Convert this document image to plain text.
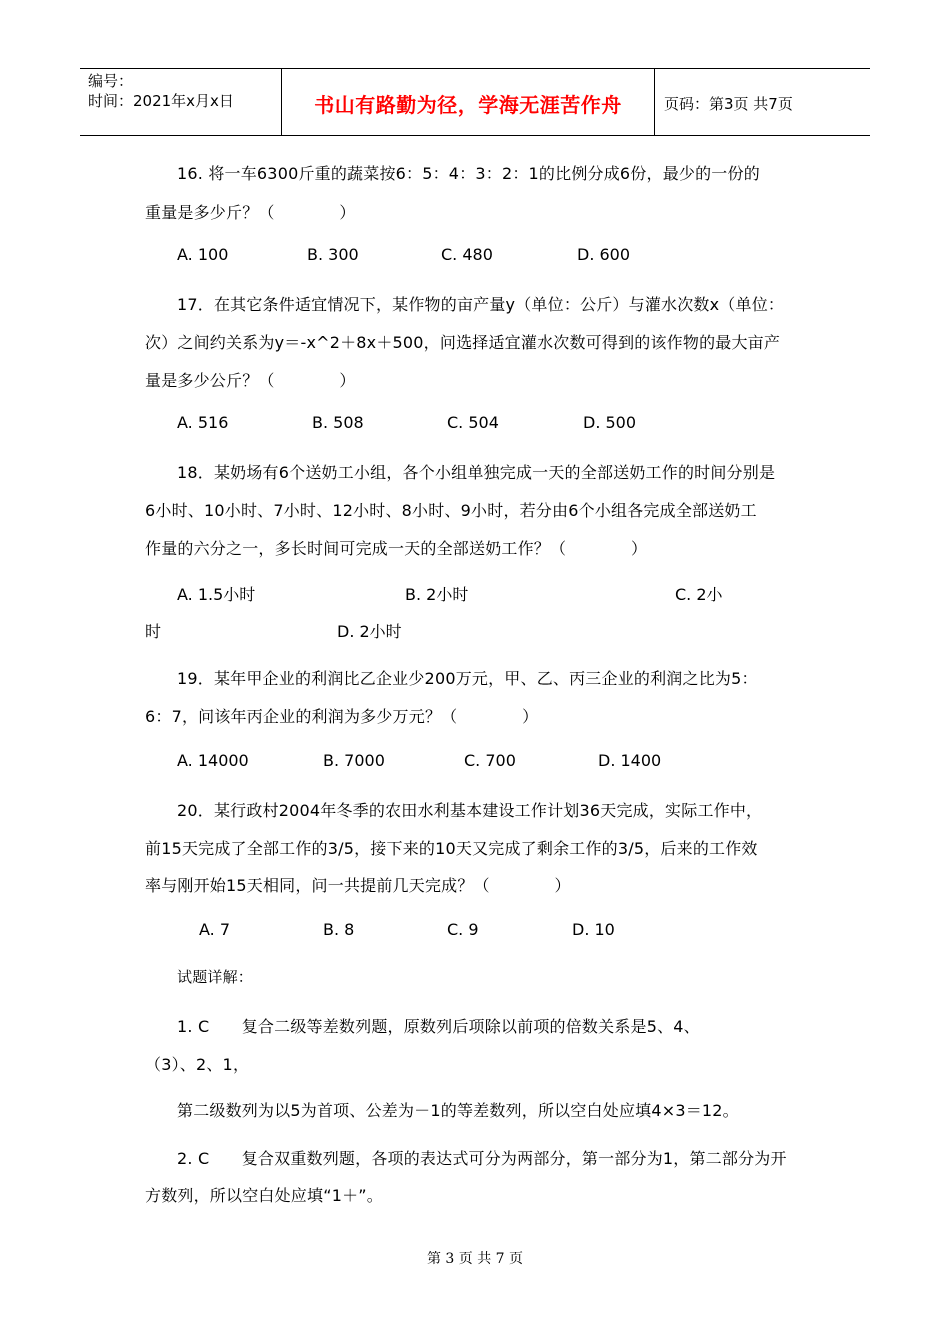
编号：
时间：2021年x月x日	书山有路勤为径，学海无涯苦作舟	页码：第3页 共7页
16. 将一车6300斤重的蔬菜按6：5：4：3：2：1的比例分成6份，最少的一份的
重量是多少斤？（　　　　）
A. 100	B. 300	C. 480	D. 600
17．在其它条件适宜情况下，某作物的亩产量y（单位：公斤）与灌水次数x（单位：
次）之间约关系为y＝-x^2＋8x＋500，问选择适宜灌水次数可得到的该作物的最大亩产
量是多少公斤？（　　　　）
A. 516	B. 508	C. 504	D. 500
18．某奶场有6个送奶工小组，各个小组单独完成一天的全部送奶工作的时间分别是
6小时、10小时、7小时、12小时、8小时、9小时，若分由6个小组各完成全部送奶工
作量的六分之一，多长时间可完成一天的全部送奶工作？（　　　　）
A. 1.5小时	B. 2小时	C. 2小
时	D. 2小时
19．某年甲企业的利润比乙企业少200万元，甲、乙、丙三企业的利润之比为5：
6：7，问该年丙企业的利润为多少万元？（　　　　）
A. 14000	B. 7000	C. 700	D. 1400
20．某行政村2004年冬季的农田水利基本建设工作计划36天完成，实际工作中，
前15天完成了全部工作的3/5，接下来的10天又完成了剩余工作的3/5，后来的工作效
率与刚开始15天相同，问一共提前几天完成？（　　　　）
A. 7	B. 8	C. 9	D. 10
试题详解：
1. C　　复合二级等差数列题，原数列后项除以前项的倍数关系是5、4、
（3）、2、1，
第二级数列为以5为首项、公差为－1的等差数列，所以空白处应填4×3＝12。
2. C　　复合双重数列题，各项的表达式可分为两部分，第一部分为1，第二部分为开
方数列，所以空白处应填“1＋”。
第 3 页 共 7 页
